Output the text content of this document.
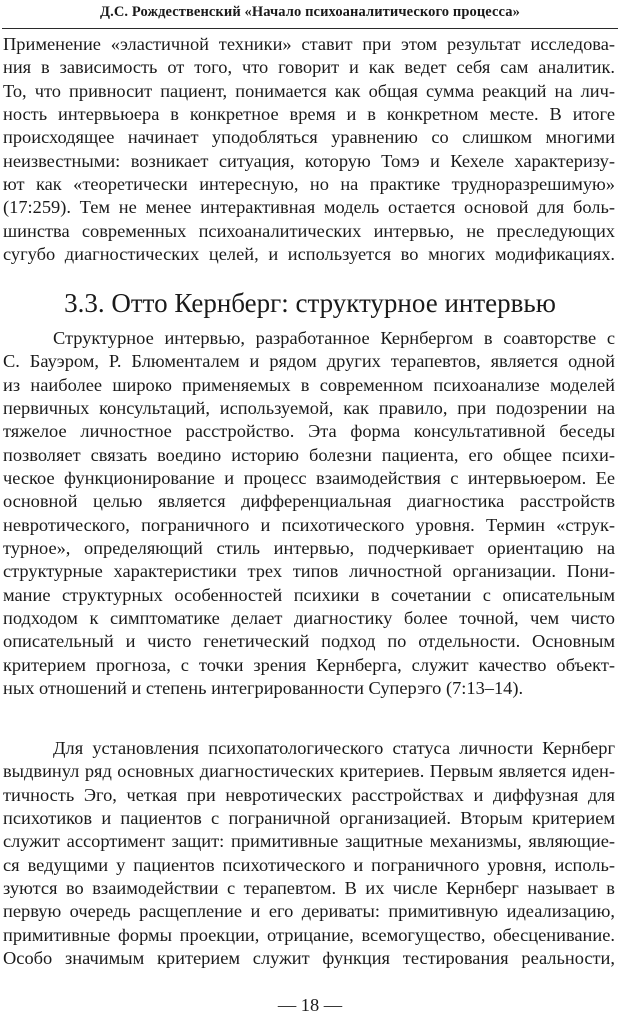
Д.С. Рождественский «Начало психоаналитического процесса»
Применение «эластичной техники» ставит при этом результат исследова-
ния в зависимость от того, что говорит и как ведет себя сам аналитик.
То, что привносит пациент, понимается как общая сумма реакций на лич-
ность интервьюера в конкретное время и в конкретном месте. В итоге
происходящее начинает уподобляться уравнению со слишком многими
неизвестными: возникает ситуация, которую Томэ и Кехеле характеризу-
ют как «теоретически интересную, но на практике трудноразрешимую»
(17:259). Тем не менее интерактивная модель остается основой для боль-
шинства современных психоаналитических интервью, не преследующих
сугубо диагностических целей, и используется во многих модификациях.
3.3. Отто Кернберг: структурное интервью
Структурное интервью, разработанное Кернбергом в соавторстве с
С. Бауэром, Р. Блюменталем и рядом других терапевтов, является одной
из наиболее широко применяемых в современном психоанализе моделей
первичных консультаций, используемой, как правило, при подозрении на
тяжелое личностное расстройство. Эта форма консультативной беседы
позволяет связать воедино историю болезни пациента, его общее психи-
ческое функционирование и процесс взаимодействия с интервьюером. Ее
основной целью является дифференциальная диагностика расстройств
невротического, пограничного и психотического уровня. Термин «струк-
турное», определяющий стиль интервью, подчеркивает ориентацию на
структурные характеристики трех типов личностной организации. Пони-
мание структурных особенностей психики в сочетании с описательным
подходом к симптоматике делает диагностику более точной, чем чисто
описательный и чисто генетический подход по отдельности. Основным
критерием прогноза, с точки зрения Кернберга, служит качество объект-
ных отношений и степень интегрированности Суперэго (7:13–14).
Для установления психопатологического статуса личности Кернберг
выдвинул ряд основных диагностических критериев. Первым является иден-
тичность Эго, четкая при невротических расстройствах и диффузная для
психотиков и пациентов с пограничной организацией. Вторым критерием
служит ассортимент защит: примитивные защитные механизмы, являющие-
ся ведущими у пациентов психотического и пограничного уровня, исполь-
зуются во взаимодействии с терапевтом. В их числе Кернберг называет в
первую очередь расщепление и его дериваты: примитивную идеализацию,
примитивные формы проекции, отрицание, всемогущество, обесценивание.
Особо значимым критерием служит функция тестирования реальности,
— 18 —
